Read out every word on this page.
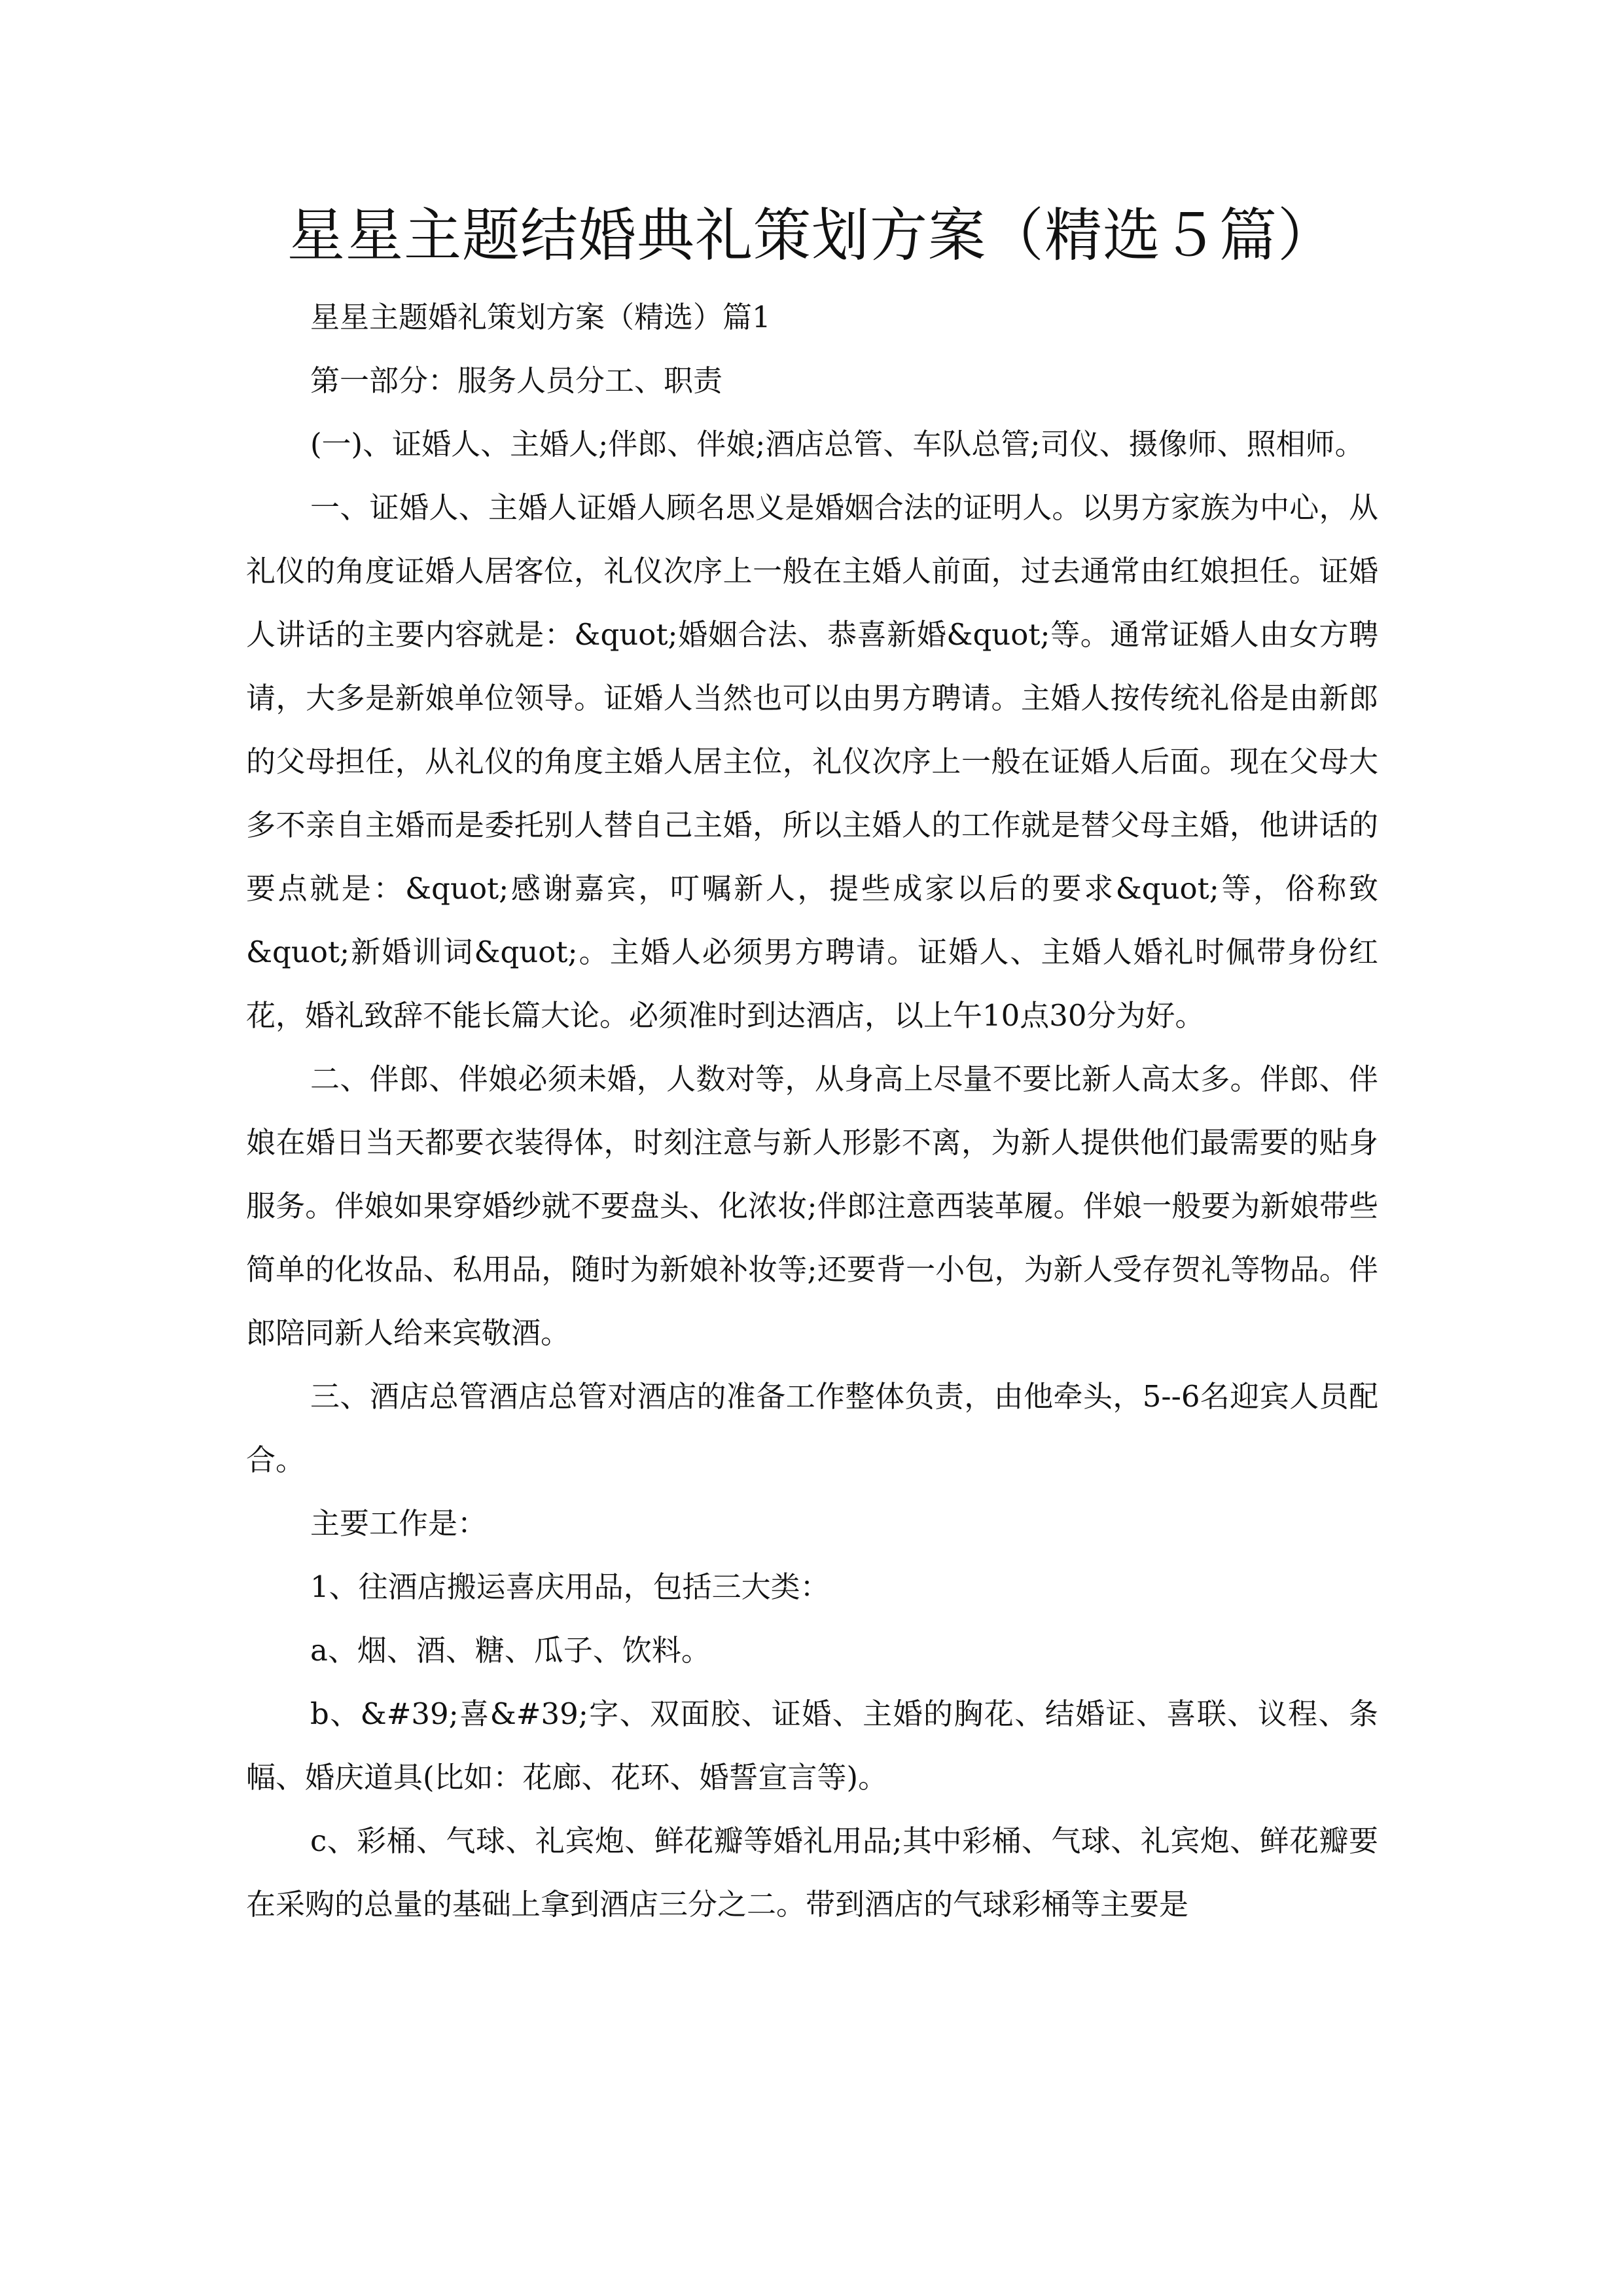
星星主题结婚典礼策划方案（精选５篇）

星星主题婚礼策划方案（精选）篇1

第一部分：服务人员分工、职责

(一)、证婚人、主婚人;伴郎、伴娘;酒店总管、车队总管;司仪、摄像师、照相师。

一、证婚人、主婚人证婚人顾名思义是婚姻合法的证明人。以男方家族为中心，从礼仪的角度证婚人居客位，礼仪次序上一般在主婚人前面，过去通常由红娘担任。证婚人讲话的主要内容就是：&quot;婚姻合法、恭喜新婚&quot;等。通常证婚人由女方聘请，大多是新娘单位领导。证婚人当然也可以由男方聘请。主婚人按传统礼俗是由新郎的父母担任，从礼仪的角度主婚人居主位，礼仪次序上一般在证婚人后面。现在父母大多不亲自主婚而是委托别人替自己主婚，所以主婚人的工作就是替父母主婚，他讲话的要点就是：&quot;感谢嘉宾，叮嘱新人，提些成家以后的要求&quot;等，俗称致&quot;新婚训词&quot;。主婚人必须男方聘请。证婚人、主婚人婚礼时佩带身份红花，婚礼致辞不能长篇大论。必须准时到达酒店，以上午10点30分为好。

二、伴郎、伴娘必须未婚，人数对等，从身高上尽量不要比新人高太多。伴郎、伴娘在婚日当天都要衣装得体，时刻注意与新人形影不离，为新人提供他们最需要的贴身服务。伴娘如果穿婚纱就不要盘头、化浓妆;伴郎注意西装革履。伴娘一般要为新娘带些简单的化妆品、私用品，随时为新娘补妆等;还要背一小包，为新人受存贺礼等物品。伴郎陪同新人给来宾敬酒。

三、酒店总管酒店总管对酒店的准备工作整体负责，由他牵头，5--6名迎宾人员配合。

主要工作是：

1、往酒店搬运喜庆用品，包括三大类：

a、烟、酒、糖、瓜子、饮料。

b、&#39;喜&#39;字、双面胶、证婚、主婚的胸花、结婚证、喜联、议程、条幅、婚庆道具(比如：花廊、花环、婚誓宣言等)。

c、彩桶、气球、礼宾炮、鲜花瓣等婚礼用品;其中彩桶、气球、礼宾炮、鲜花瓣要在采购的总量的基础上拿到酒店三分之二。带到酒店的气球彩桶等主要是
